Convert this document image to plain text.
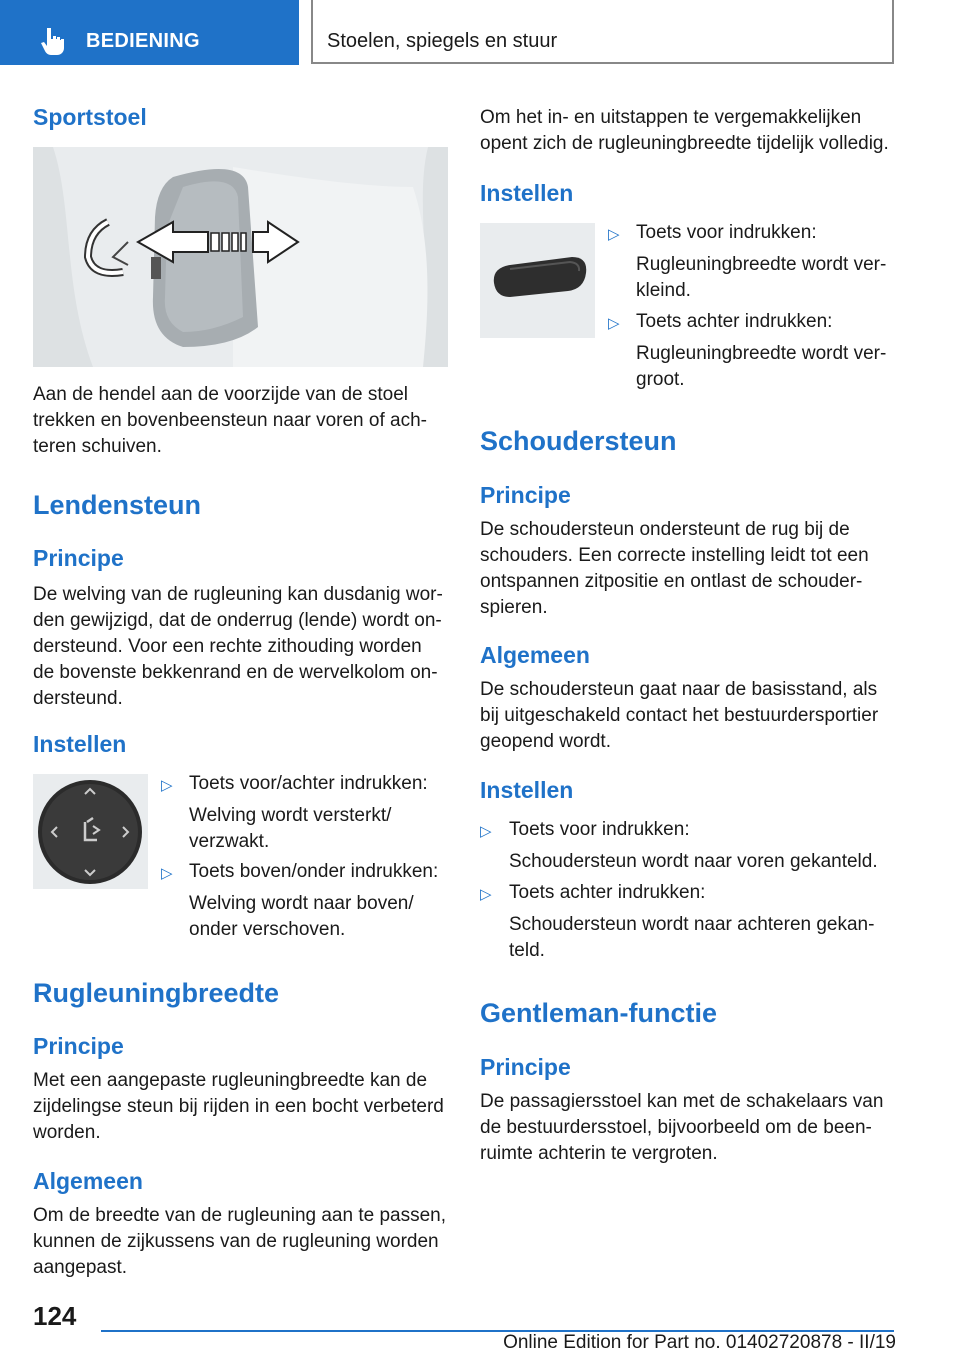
BEDIENING	Stoelen, spiegels en stuur
Sportstoel
Aan de hendel aan de voorzijde van de stoel
trekken en bovenbeensteun naar voren of ach‐
teren schuiven.
Lendensteun
Principe
De welving van de rugleuning kan dusdanig wor‐
den gewijzigd, dat de onderrug (lende) wordt on‐
dersteund. Voor een rechte zithouding worden
de bovenste bekkenrand en de wervelkolom on‐
dersteund.
Instellen
▷ Toets voor/achter indrukken:
Welving wordt versterkt/
verzwakt.
▷ Toets boven/onder indrukken:
Welving wordt naar boven/
onder verschoven.
Rugleuningbreedte
Principe
Met een aangepaste rugleuningbreedte kan de
zijdelingse steun bij rijden in een bocht verbeterd
worden.
Algemeen
Om de breedte van de rugleuning aan te passen,
kunnen de zijkussens van de rugleuning worden
aangepast.
Om het in- en uitstappen te vergemakkelijken
opent zich de rugleuningbreedte tijdelijk volledig.
Instellen
▷ Toets voor indrukken:
Rugleuningbreedte wordt ver‐
kleind.
▷ Toets achter indrukken:
Rugleuningbreedte wordt ver‐
groot.
Schoudersteun
Principe
De schoudersteun ondersteunt de rug bij de
schouders. Een correcte instelling leidt tot een
ontspannen zitpositie en ontlast de schouder‐
spieren.
Algemeen
De schoudersteun gaat naar de basisstand, als
bij uitgeschakeld contact het bestuurdersportier
geopend wordt.
Instellen
▷ Toets voor indrukken:
Schoudersteun wordt naar voren gekanteld.
▷ Toets achter indrukken:
Schoudersteun wordt naar achteren gekan‐
teld.
Gentleman-functie
Principe
De passagiersstoel kan met de schakelaars van
de bestuurdersstoel, bijvoorbeeld om de been‐
ruimte achterin te vergroten.
124
Online Edition for Part no. 01402720878 - II/19
